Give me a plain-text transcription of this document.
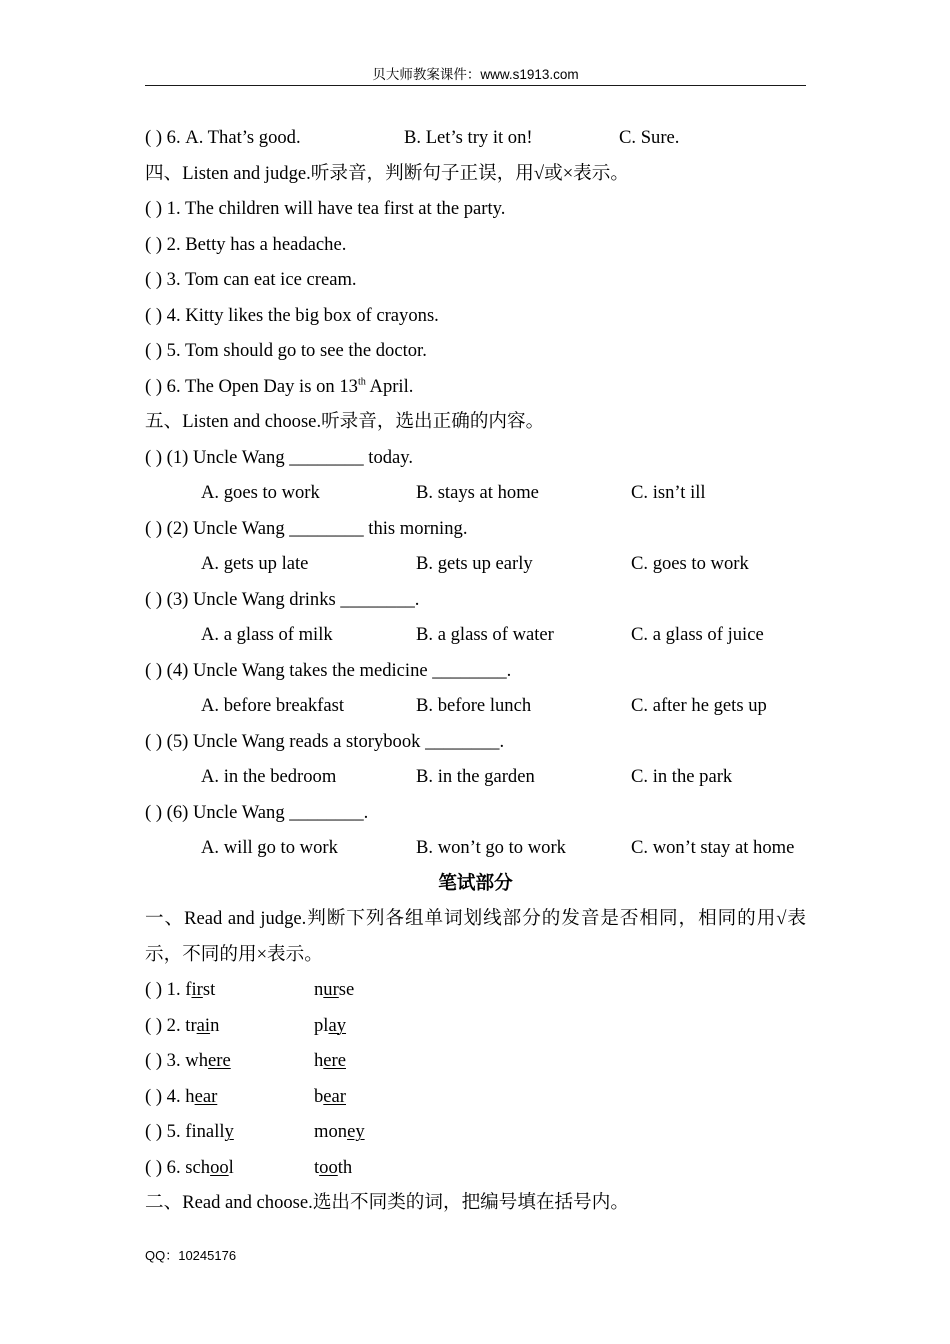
贝大师教案课件：www.s1913.com
( ) 6. A. That’s good.	B. Let’s try it on!	C. Sure.
四、Listen and judge.听录音，判断句子正误，用√或×表示。
( ) 1. The children will have tea first at the party.
( ) 2. Betty has a headache.
( ) 3. Tom can eat ice cream.
( ) 4. Kitty likes the big box of crayons.
( ) 5. Tom should go to see the doctor.
( ) 6. The Open Day is on 13th April.
五、Listen and choose.听录音，选出正确的内容。
( ) (1) Uncle Wang ________ today.
A. goes to work	B. stays at home	C. isn’t ill
( ) (2) Uncle Wang ________ this morning.
A. gets up late	B. gets up early	C. goes to work
( ) (3) Uncle Wang drinks ________.
A. a glass of milk	B. a glass of water	C. a glass of juice
( ) (4) Uncle Wang takes the medicine ________.
A. before breakfast	B. before lunch	C. after he gets up
( ) (5) Uncle Wang reads a storybook ________.
A. in the bedroom	B. in the garden	C. in the park
( ) (6) Uncle Wang ________.
A. will go to work	B. won’t go to work	C. won’t stay at home
笔试部分
一、Read and judge.判断下列各组单词划线部分的发音是否相同，相同的用√表
示，不同的用×表示。
( ) 1. first	nurse
( ) 2. train	play
( ) 3. where	here
( ) 4. hear	bear
( ) 5. finally	money
( ) 6. school	tooth
二、Read and choose.选出不同类的词，把编号填在括号内。
QQ：10245176
